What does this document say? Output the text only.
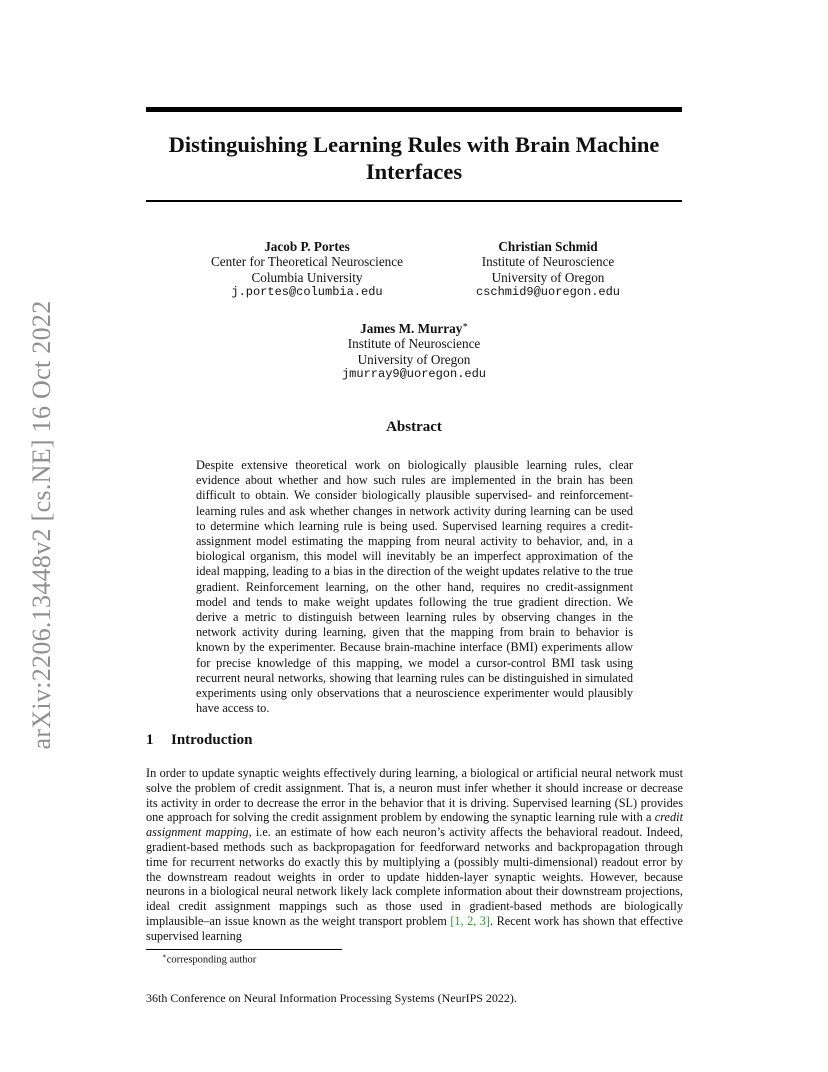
arXiv:2206.13448v2 [cs.NE] 16 Oct 2022
Distinguishing Learning Rules with Brain Machine Interfaces
Jacob P. Portes
Center for Theoretical Neuroscience
Columbia University
j.portes@columbia.edu
Christian Schmid
Institute of Neuroscience
University of Oregon
cschmid9@uoregon.edu
James M. Murray∗
Institute of Neuroscience
University of Oregon
jmurray9@uoregon.edu
Abstract
Despite extensive theoretical work on biologically plausible learning rules, clear evidence about whether and how such rules are implemented in the brain has been difficult to obtain. We consider biologically plausible supervised- and reinforcement-learning rules and ask whether changes in network activity during learning can be used to determine which learning rule is being used. Supervised learning requires a credit-assignment model estimating the mapping from neural activity to behavior, and, in a biological organism, this model will inevitably be an imperfect approximation of the ideal mapping, leading to a bias in the direction of the weight updates relative to the true gradient. Reinforcement learning, on the other hand, requires no credit-assignment model and tends to make weight updates following the true gradient direction. We derive a metric to distinguish between learning rules by observing changes in the network activity during learning, given that the mapping from brain to behavior is known by the experimenter. Because brain-machine interface (BMI) experiments allow for precise knowledge of this mapping, we model a cursor-control BMI task using recurrent neural networks, showing that learning rules can be distinguished in simulated experiments using only observations that a neuroscience experimenter would plausibly have access to.
1 Introduction
In order to update synaptic weights effectively during learning, a biological or artificial neural network must solve the problem of credit assignment. That is, a neuron must infer whether it should increase or decrease its activity in order to decrease the error in the behavior that it is driving. Supervised learning (SL) provides one approach for solving the credit assignment problem by endowing the synaptic learning rule with a credit assignment mapping, i.e. an estimate of how each neuron’s activity affects the behavioral readout. Indeed, gradient-based methods such as backpropagation for feedforward networks and backpropagation through time for recurrent networks do exactly this by multiplying a (possibly multi-dimensional) readout error by the downstream readout weights in order to update hidden-layer synaptic weights. However, because neurons in a biological neural network likely lack complete information about their downstream projections, ideal credit assignment mappings such as those used in gradient-based methods are biologically implausible–an issue known as the weight transport problem [1, 2, 3]. Recent work has shown that effective supervised learning
∗corresponding author
36th Conference on Neural Information Processing Systems (NeurIPS 2022).
